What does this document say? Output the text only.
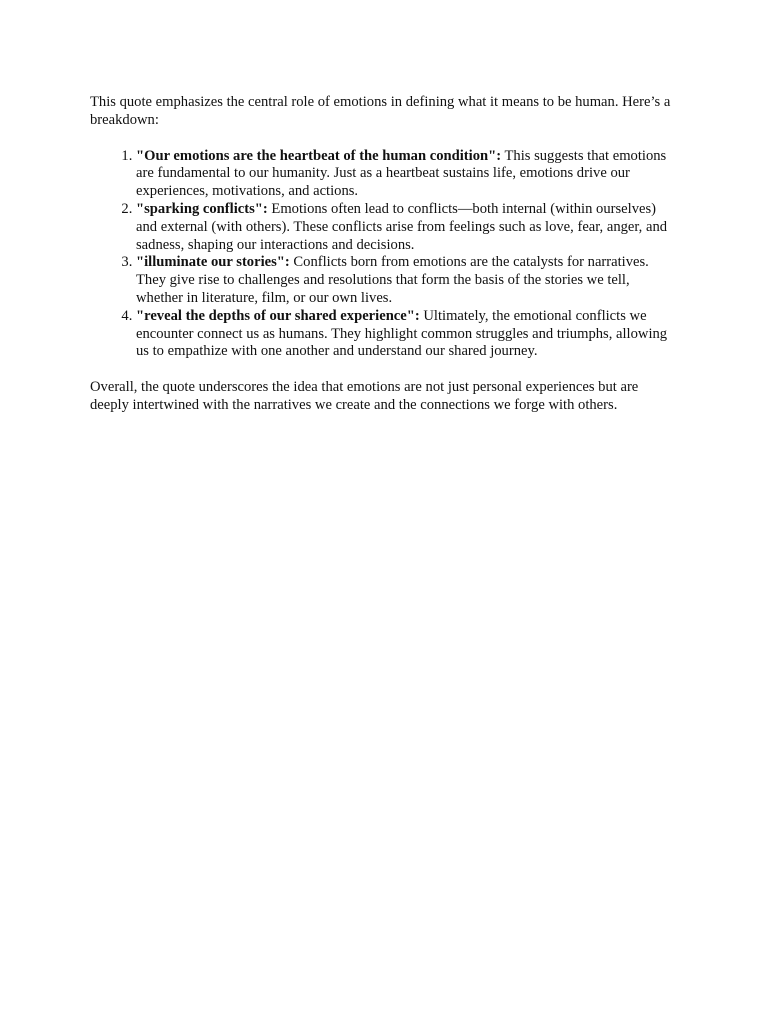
This quote emphasizes the central role of emotions in defining what it means to be human. Here’s a breakdown:

1. "Our emotions are the heartbeat of the human condition": This suggests that emotions are fundamental to our humanity. Just as a heartbeat sustains life, emotions drive our experiences, motivations, and actions.
2. "sparking conflicts": Emotions often lead to conflicts—both internal (within ourselves) and external (with others). These conflicts arise from feelings such as love, fear, anger, and sadness, shaping our interactions and decisions.
3. "illuminate our stories": Conflicts born from emotions are the catalysts for narratives. They give rise to challenges and resolutions that form the basis of the stories we tell, whether in literature, film, or our own lives.
4. "reveal the depths of our shared experience": Ultimately, the emotional conflicts we encounter connect us as humans. They highlight common struggles and triumphs, allowing us to empathize with one another and understand our shared journey.

Overall, the quote underscores the idea that emotions are not just personal experiences but are deeply intertwined with the narratives we create and the connections we forge with others.
